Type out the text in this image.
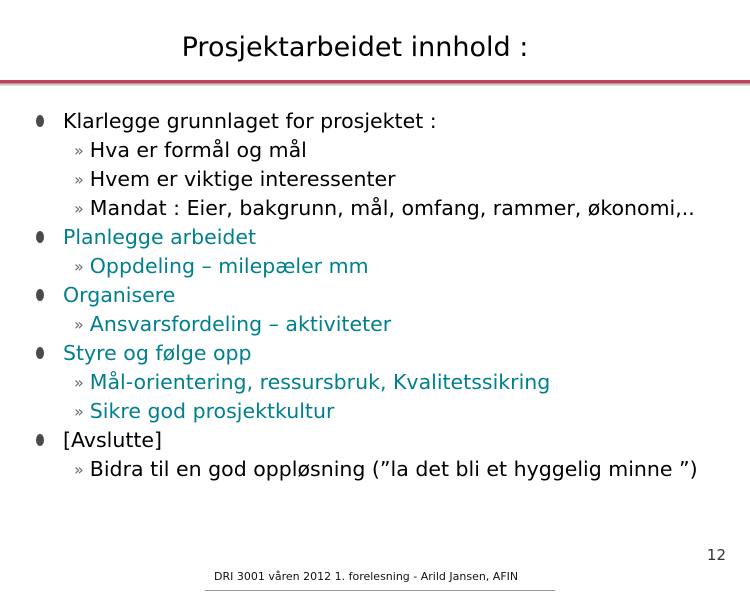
Prosjektarbeidet innhold :
Klarlegge grunnlaget for prosjektet :
» Hva er formål og mål
» Hvem er viktige interessenter
» Mandat : Eier, bakgrunn, mål, omfang, rammer, økonomi,..
Planlegge arbeidet
» Oppdeling – milepæler mm
Organisere
» Ansvarsfordeling – aktiviteter
Styre og følge opp
» Mål-orientering, ressursbruk, Kvalitetssikring
» Sikre god prosjektkultur
[Avslutte]
» Bidra til en god oppløsning (”la det bli et hyggelig minne ”)
12
DRI 3001 våren 2012 1. forelesning - Arild Jansen, AFIN
